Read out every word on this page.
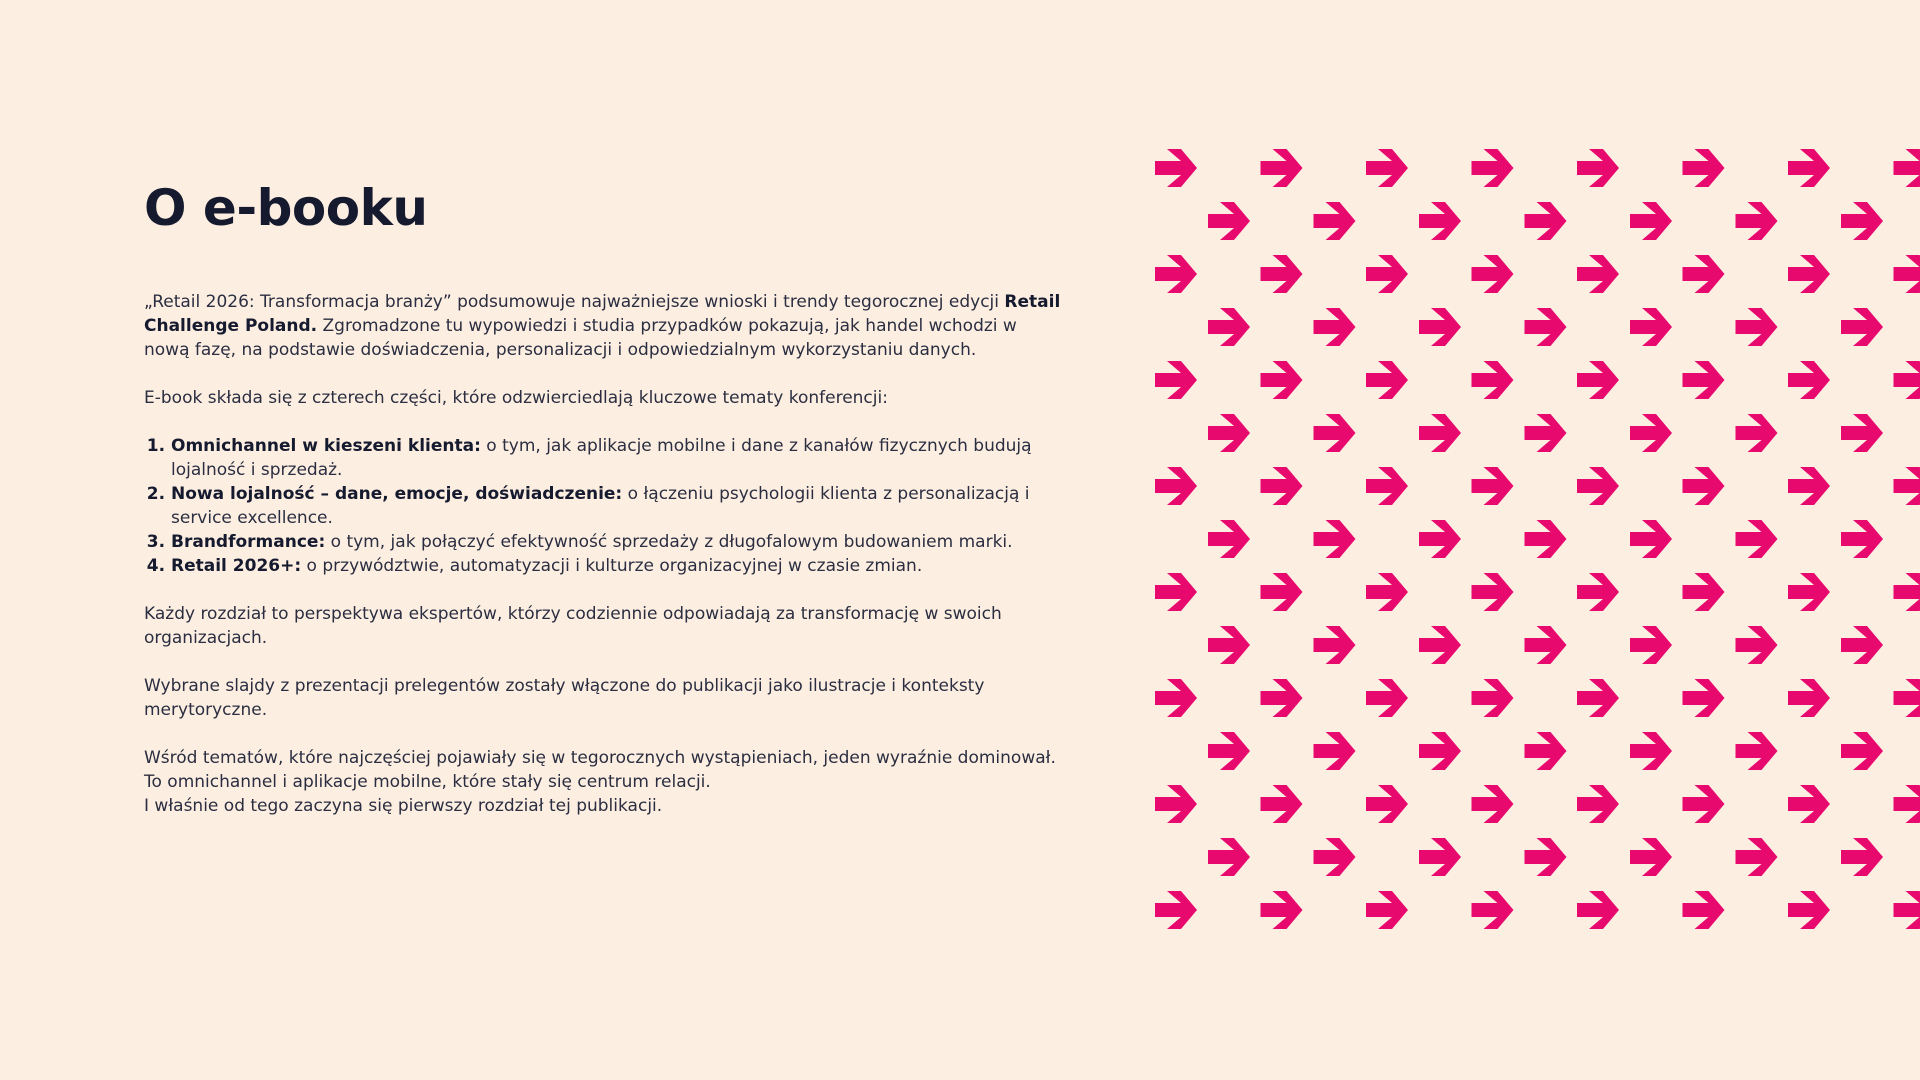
O e-booku

„Retail 2026: Transformacja branży” podsumowuje najważniejsze wnioski i trendy tegorocznej edycji Retail Challenge Poland. Zgromadzone tu wypowiedzi i studia przypadków pokazują, jak handel wchodzi w nową fazę, na podstawie doświadczenia, personalizacji i odpowiedzialnym wykorzystaniu danych.

E-book składa się z czterech części, które odzwierciedlają kluczowe tematy konferencji:

1. Omnichannel w kieszeni klienta: o tym, jak aplikacje mobilne i dane z kanałów fizycznych budują lojalność i sprzedaż.
2. Nowa lojalność – dane, emocje, doświadczenie: o łączeniu psychologii klienta z personalizacją i service excellence.
3. Brandformance: o tym, jak połączyć efektywność sprzedaży z długofalowym budowaniem marki.
4. Retail 2026+: o przywództwie, automatyzacji i kulturze organizacyjnej w czasie zmian.

Każdy rozdział to perspektywa ekspertów, którzy codziennie odpowiadają za transformację w swoich organizacjach.

Wybrane slajdy z prezentacji prelegentów zostały włączone do publikacji jako ilustracje i konteksty merytoryczne.

Wśród tematów, które najczęściej pojawiały się w tegorocznych wystąpieniach, jeden wyraźnie dominował. To omnichannel i aplikacje mobilne, które stały się centrum relacji.
I właśnie od tego zaczyna się pierwszy rozdział tej publikacji.
